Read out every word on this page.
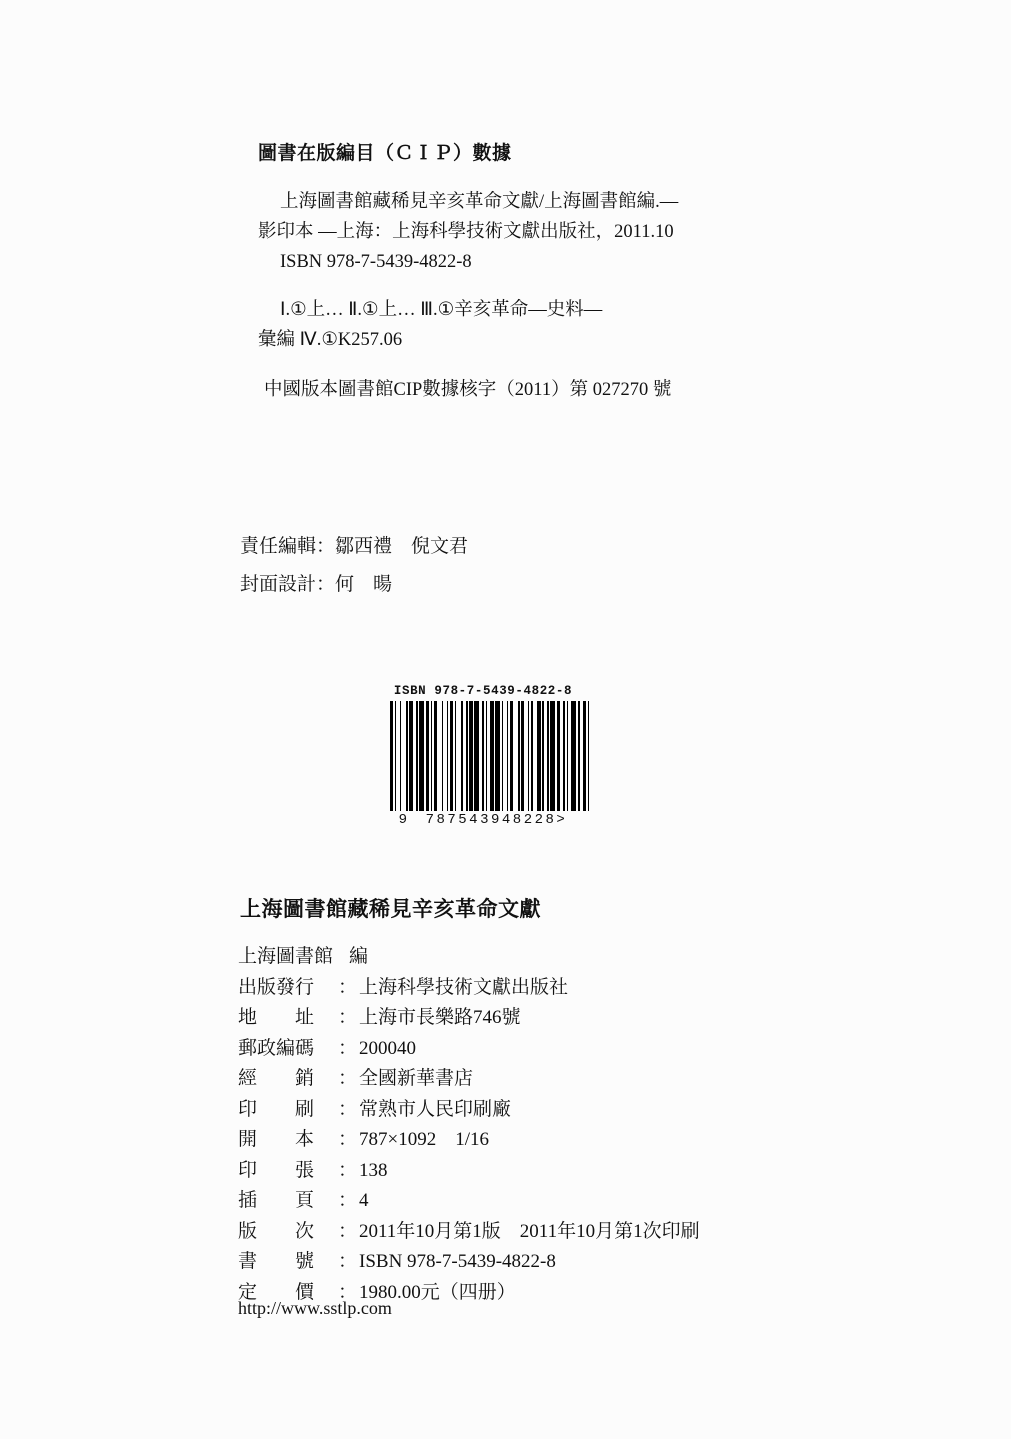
圖書在版編目（ＣＩＰ）數據
上海圖書館藏稀見辛亥革命文獻/上海圖書館編.—
影印本 —上海：上海科學技術文獻出版社，2011.10
ISBN 978-7-5439-4822-8
Ⅰ.①上… Ⅱ.①上… Ⅲ.①辛亥革命—史料—
彙編 Ⅳ.①K257.06
中國版本圖書館CIP數據核字（2011）第 027270 號
責任編輯：鄒西禮　倪文君
封面設計：何　暘
ISBN 978-7-5439-4822-8
9 787543948228>
上海圖書館藏稀見辛亥革命文獻
上海圖書館 編
出版發行 ： 上海科學技術文獻出版社
地　　址 ： 上海市長樂路746號
郵政編碼 ： 200040
經　　銷 ： 全國新華書店
印　　刷 ： 常熟市人民印刷廠
開　　本 ： 787×1092　1/16
印　　張 ： 138
插　　頁 ： 4
版　　次 ： 2011年10月第1版　2011年10月第1次印刷
書　　號 ： ISBN 978-7-5439-4822-8
定　　價 ： 1980.00元（四册）
http://www.sstlp.com
